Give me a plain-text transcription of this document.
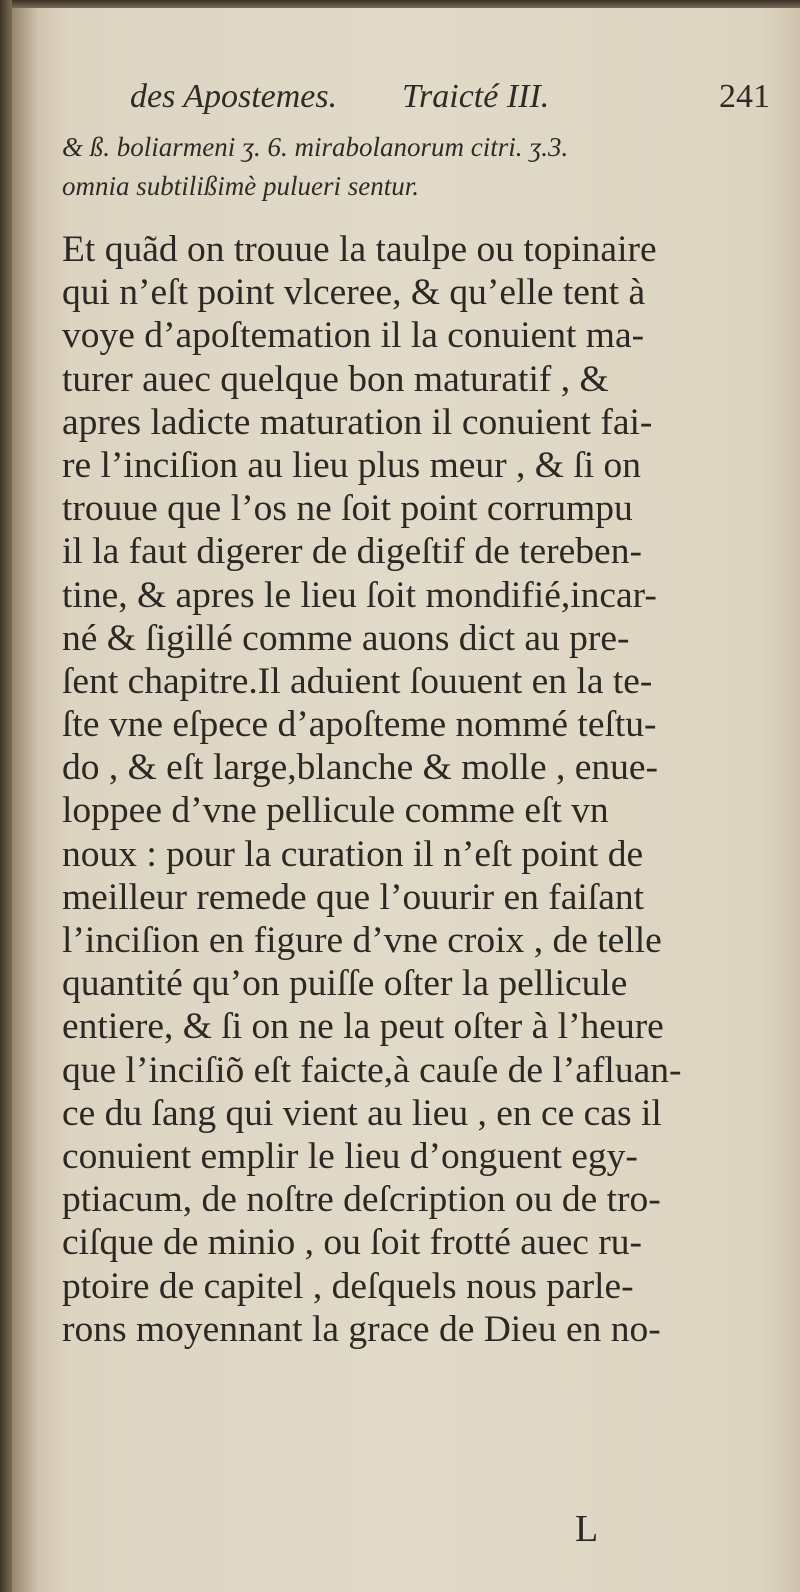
des Apostemes. Traicté III.	241
& ß. boliarmeni ʒ. 6. mirabolanorum citri. ʒ.3.
omnia subtilißimè pulueri sentur.
Et quãd on trouue la taulpe ou topinaire
qui n’eſt point vlceree, & qu’elle tent à
voye d’apoſtemation il la conuient ma-
turer auec quelque bon maturatif , &
apres ladicte maturation il conuient fai-
re l’inciſion au lieu plus meur , & ſi on
trouue que l’os ne ſoit point corrumpu
il la faut digerer de digeſtif de tereben-
tine, & apres le lieu ſoit mondifié,incar-
né & ſigillé comme auons dict au pre-
ſent chapitre.Il aduient ſouuent en la te-
ſte vne eſpece d’apoſteme nommé teſtu-
do , & eſt large,blanche & molle , enue-
loppee d’vne pellicule comme eſt vn
noux : pour la curation il n’eſt point de
meilleur remede que l’ouurir en faiſant
l’inciſion en figure d’vne croix , de telle
quantité qu’on puiſſe oſter la pellicule
entiere, & ſi on ne la peut oſter à l’heure
que l’inciſiõ eſt faicte,à cauſe de l’afluan-
ce du ſang qui vient au lieu , en ce cas il
conuient emplir le lieu d’onguent egy-
ptiacum, de noſtre deſcription ou de tro-
ciſque de minio , ou ſoit frotté auec ru-
ptoire de capitel , deſquels nous parle-
rons moyennant la grace de Dieu en no-
L
